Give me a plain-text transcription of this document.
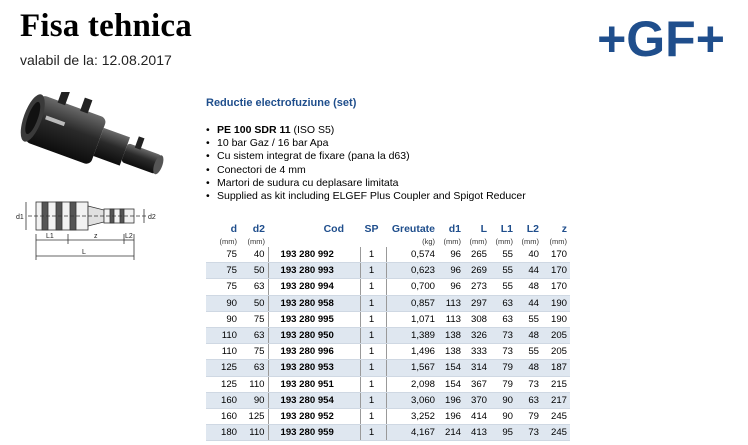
Fisa tehnica
valabil de la: 12.08.2017	+GF+
d1	d2
L1	z	L2
L
Reductie electrofuziune (set)
• PE 100 SDR 11 (ISO S5)
• 10 bar Gaz / 16 bar Apa
• Cu sistem integrat de fixare (pana la d63)
• Conectori de 4 mm
• Martori de sudura cu deplasare limitata
• Supplied as kit including ELGEF Plus Coupler and Spigot Reducer
d	d2	Cod	SP	Greutate	d1	L	L1	L2	z
(mm)	(mm)			(kg)	(mm)	(mm)	(mm)	(mm)	(mm)
75	40	193 280 992	1	0,574	96	265	55	40	170
75	50	193 280 993	1	0,623	96	269	55	44	170
75	63	193 280 994	1	0,700	96	273	55	48	170
90	50	193 280 958	1	0,857	113	297	63	44	190
90	75	193 280 995	1	1,071	113	308	63	55	190
110	63	193 280 950	1	1,389	138	326	73	48	205
110	75	193 280 996	1	1,496	138	333	73	55	205
125	63	193 280 953	1	1,567	154	314	79	48	187
125	110	193 280 951	1	2,098	154	367	79	73	215
160	90	193 280 954	1	3,060	196	370	90	63	217
160	125	193 280 952	1	3,252	196	414	90	79	245
180	110	193 280 959	1	4,167	214	413	95	73	245
